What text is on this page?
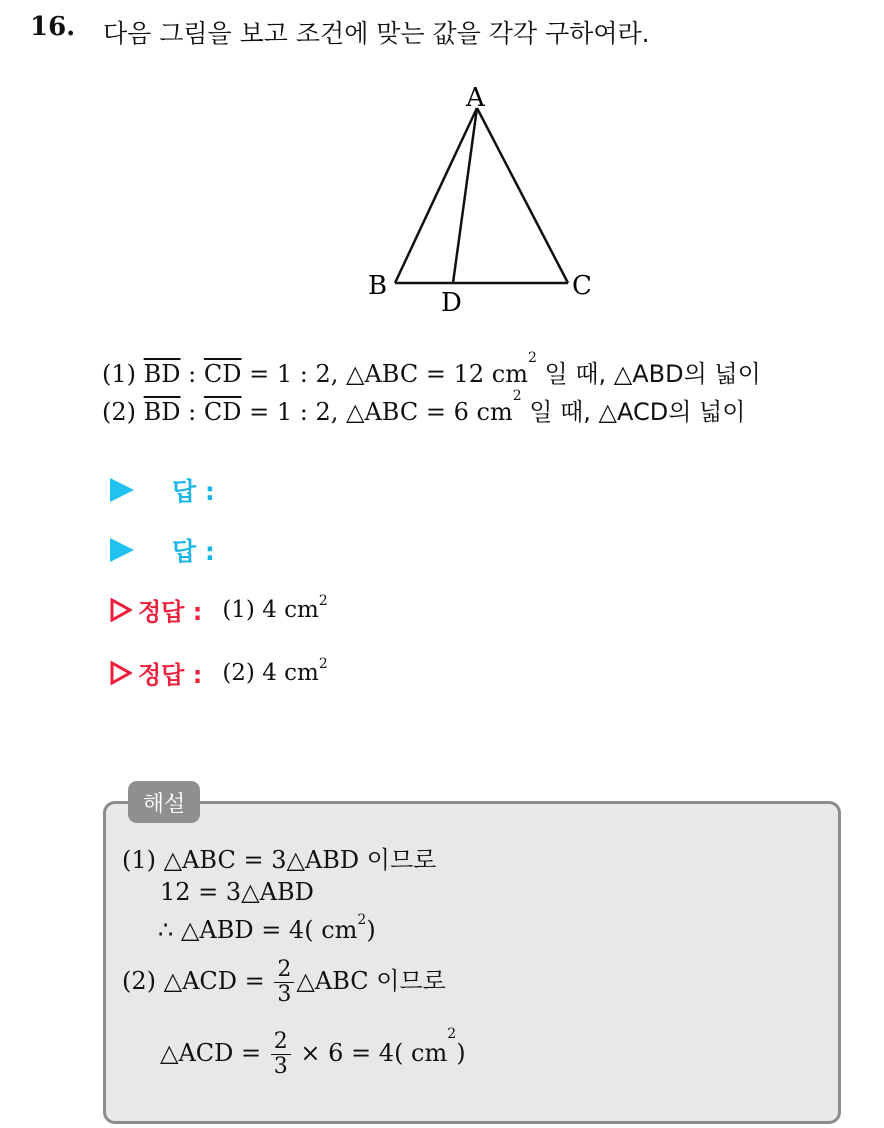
16. 다음 그림을 보고 조건에 맞는 값을 각각 구하여라.
A
B	C
D
(1) $\overline{BD}$ : $\overline{CD} = 1$ : 2, △ABC = 12 $cm^2$ 일 때, △ABD의 넓이
(2) $\overline{BD}$ : $\overline{CD} = 1$ : 2, △ABC = 6 $cm^2$ 일 때, △ACD의 넓이
답 :
답 :
정답 : (1) 4 $cm^2$
정답 : (2) 4 $cm^2$
해설
(1) △ABC = 3△ABD 이므로
12 = 3△ABD
∴ △ABD = 4( $cm^2$)
(2) △ACD = $\frac{2}{3}$ △ABC 이므로
△ACD = $\frac{2}{3} \times 6 = 4$( $cm^2$)
